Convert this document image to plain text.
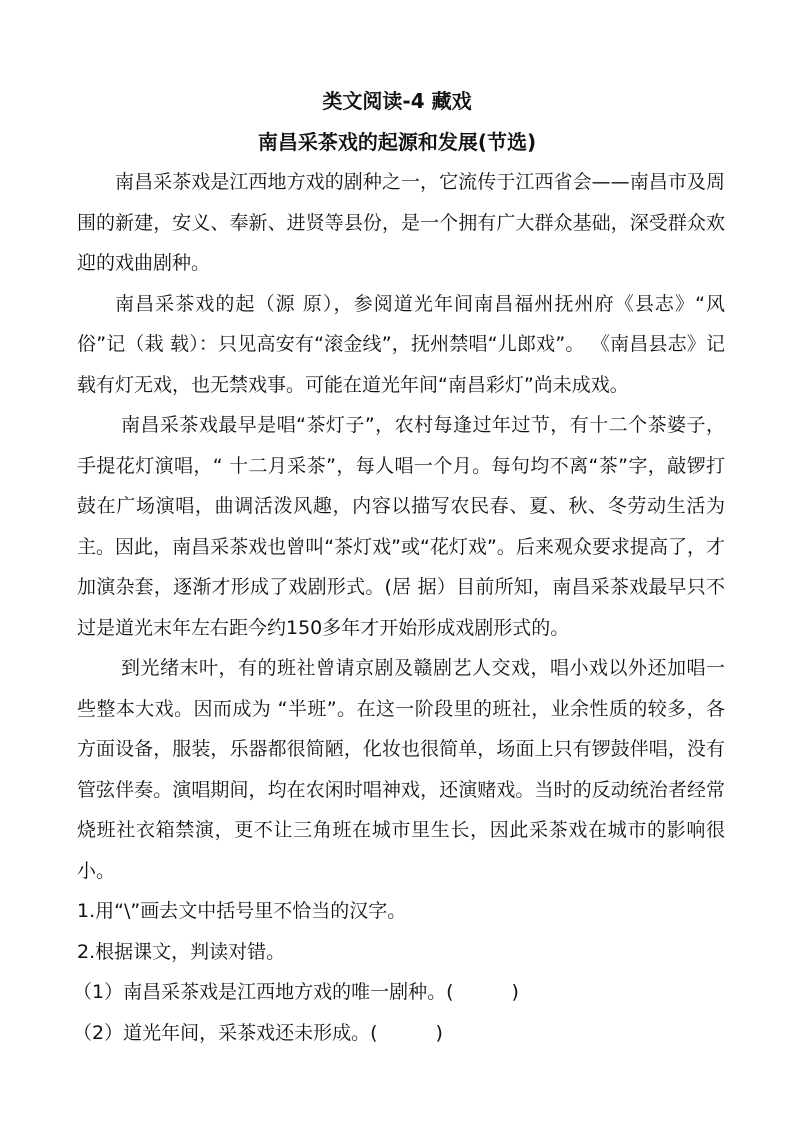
类文阅读-4 藏戏
南昌采茶戏的起源和发展(节选)

南昌采茶戏是江西地方戏的剧种之一，它流传于江西省会——南昌市及周围的新建，安义、奉新、进贤等县份，是一个拥有广大群众基础，深受群众欢迎的戏曲剧种。

南昌采茶戏的起（源 原），参阅道光年间南昌福州抚州府《县志》“风俗”记（栽 载）：只见高安有“滚金线”，抚州禁唱“儿郎戏”。 《南昌县志》记载有灯无戏，也无禁戏事。可能在道光年间“南昌彩灯”尚未成戏。

南昌采茶戏最早是唱“茶灯子”，农村每逢过年过节，有十二个茶婆子，手提花灯演唱，“ 十二月采茶”，每人唱一个月。每句均不离“茶”字，敲锣打鼓在广场演唱，曲调活泼风趣，内容以描写农民春、夏、秋、冬劳动生活为主。因此，南昌采茶戏也曾叫“茶灯戏”或“花灯戏”。后来观众要求提高了，才加演杂套，逐渐才形成了戏剧形式。(居 据）目前所知，南昌采茶戏最早只不过是道光末年左右距今约150多年才开始形成戏剧形式的。

到光绪末叶，有的班社曾请京剧及赣剧艺人交戏，唱小戏以外还加唱一些整本大戏。因而成为 “半班”。在这一阶段里的班社，业余性质的较多，各方面设备，服装，乐器都很简陋，化妆也很简单，场面上只有锣鼓伴唱，没有管弦伴奏。演唱期间，均在农闲时唱神戏，还演赌戏。当时的反动统治者经常烧班社衣箱禁演，更不让三角班在城市里生长，因此采茶戏在城市的影响很小。

1.用“\”画去文中括号里不恰当的汉字。

2.根据课文，判读对错。

（1）南昌采茶戏是江西地方戏的唯一剧种。(	)

（2）道光年间，采茶戏还未形成。(	)
